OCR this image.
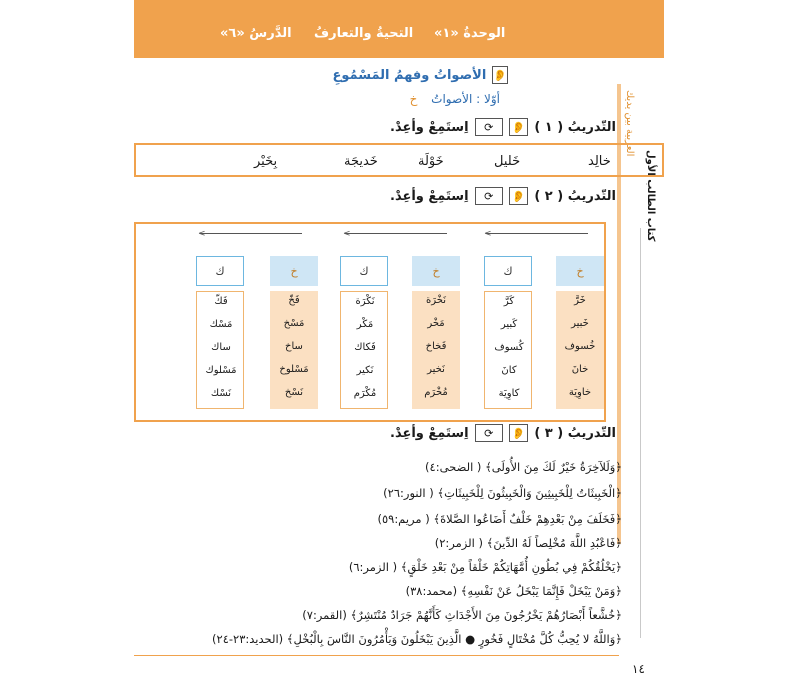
الوحدةُ «١»
التحيةُ والتعارفُ
الدَّرسُ «٦»
العربية بين يديك
كتاب الطالب الأول
👂
الأصواتُ وفهمُ المَسْمُوعِ
أوّلا : الأصواتُ خ
التّدريبُ ( ١ )
👂
⟳
اِستَمِعْ وأعِدْ.
خالِد
خَليل
خَوْلَة
خَديجَة
بِخَيْر
التّدريبُ ( ٢ )
👂
⟳
اِستَمِعْ وأعِدْ.
<
<
<
خ
ك
خ
ك
خ
ك
خَرَّ
خَبير
خُسوف
خانَ
خاوِيَة
كَرَّ
كَبير
كُسوف
كانَ
كاوِيَة
نَخْرَة
مَخْر
فَخاخ
نَخير
مُخْرَم
نَكْرَة
مَكْر
فَكاك
نَكير
مُكْرَم
فَخّ
مَسْخ
ساخ
مَسْلوخ
نَسْخ
فَكّ
مَسْك
ساك
مَسْلوك
نَسْك
التّدريبُ ( ٣ )
👂
⟳
اِستَمِعْ وأعِدْ.
﴿وَلَلآخِرَةُ خَيْرٌ لَكَ مِنَ الأُولَى﴾ ( الضحى:٤)
﴿الْخَبِيثَاتُ لِلْخَبِيثِينَ وَالْخَبِيثُونَ لِلْخَبِيثَاتِ﴾ ( النور:٢٦)
﴿فَخَلَفَ مِنْ بَعْدِهِمْ خَلْفٌ أَضَاعُوا الصَّلاةَ﴾ ( مريم:٥٩)
﴿فَاعْبُدِ اللَّهَ مُخْلِصاً لَهُ الدِّينَ﴾ ( الزمر:٢)
﴿يَخْلُقُكُمْ فِي بُطُونِ أُمَّهَاتِكُمْ خَلْقاً مِنْ بَعْدِ خَلْقٍ﴾ ( الزمر:٦)
﴿وَمَنْ يَبْخَلْ فَإِنَّمَا يَبْخَلُ عَنْ نَفْسِهِ﴾ (محمد:٣٨)
﴿خُشَّعاً أَبْصَارُهُمْ يَخْرُجُونَ مِنَ الأَجْدَاثِ كَأَنَّهُمْ جَرَادٌ مُنْتَشِرٌ﴾ (القمر:٧)
﴿وَاللَّهُ لا يُحِبُّ كُلَّ مُخْتَالٍ فَخُورٍ ● الَّذِينَ يَبْخَلُونَ وَيَأْمُرُونَ النَّاسَ بِالْبُخْلِ﴾ (الحديد:٢٣-٢٤)
١٤
